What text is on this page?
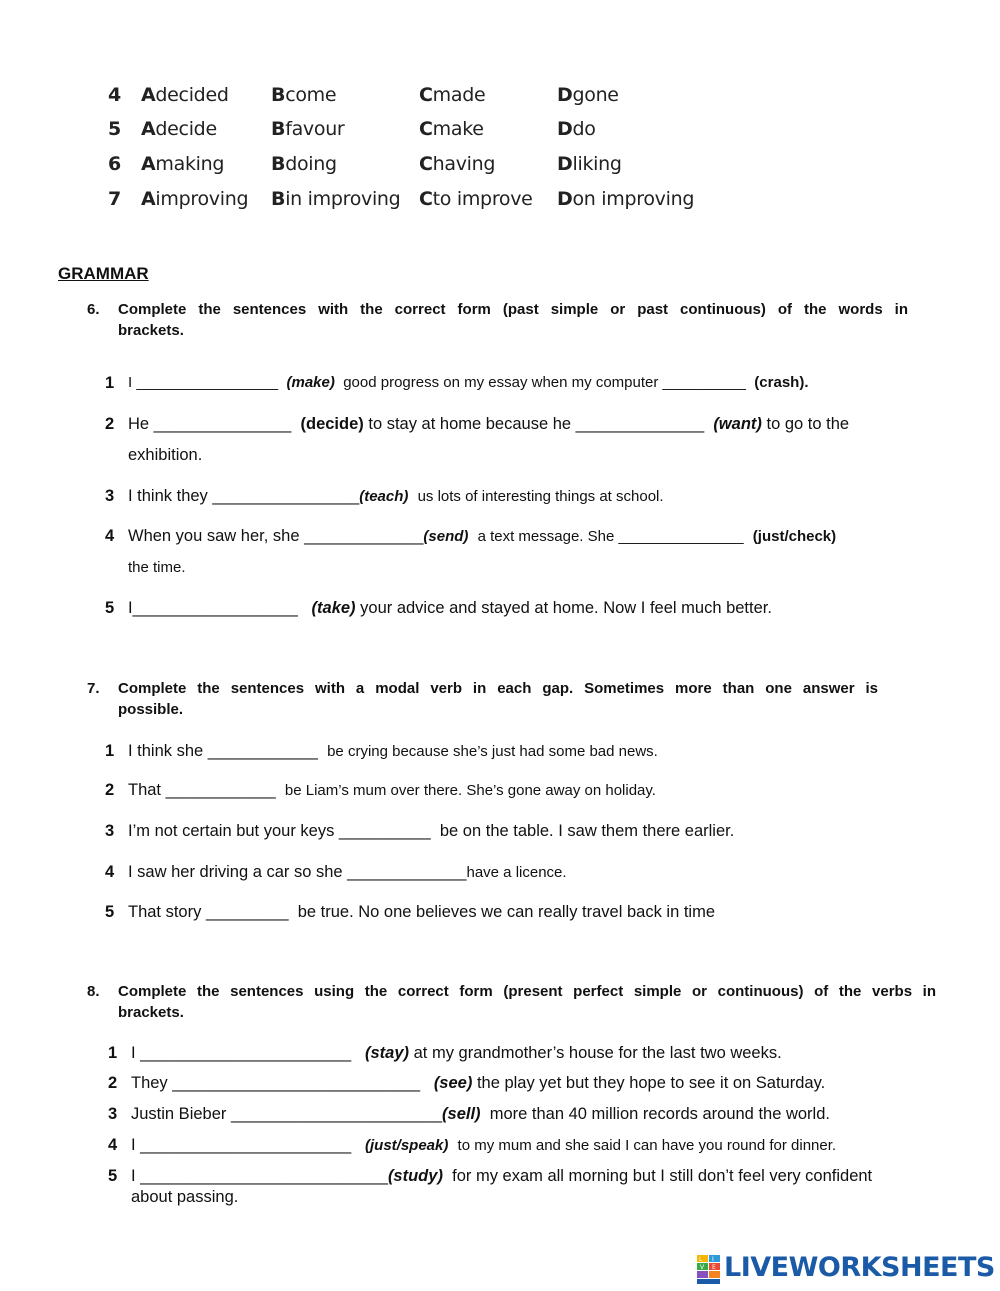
4 Adecided Bcome	Cmade	Dgone
5 Adecide	Bfavour	Cmake	Ddo
6 Amaking Bdoing	Chaving	Dliking
7 Aimproving Bin improving Cto improve Don improving
GRAMMAR
6. Complete the sentences with the correct form (past simple or past continuous) of the words in brackets.
1 I _________________ (make) good progress on my essay when my computer __________ (crash).
2 He _______________ (decide) to stay at home because he ______________ (want) to go to the
exhibition.
3 I think they ________________(teach) us lots of interesting things at school.
4 When you saw her, she _____________(send) a text message. She _______________ (just/check)
the time.
5 I__________________ (take) your advice and stayed at home. Now I feel much better.
7. Complete the sentences with a modal verb in each gap. Sometimes more than one answer is possible.
1 I think she ____________ be crying because she’s just had some bad news.
2 That ____________ be Liam’s mum over there. She’s gone away on holiday.
3 I’m not certain but your keys __________ be on the table. I saw them there earlier.
4 I saw her driving a car so she _____________have a licence.
5 That story _________ be true. No one believes we can really travel back in time
8. Complete the sentences using the correct form (present perfect simple or continuous) of the verbs in brackets.
1 I _______________________ (stay) at my grandmother’s house for the last two weeks.
2 They ___________________________ (see) the play yet but they hope to see it on Saturday.
3 Justin Bieber _______________________(sell) more than 40 million records around the world.
4 I _______________________ (just/speak) to my mum and she said I can have you round for dinner.
5 I ___________________________(study) for my exam all morning but I still don’t feel very confident
about passing.
L I
V E LIVEWORKSHEETS
